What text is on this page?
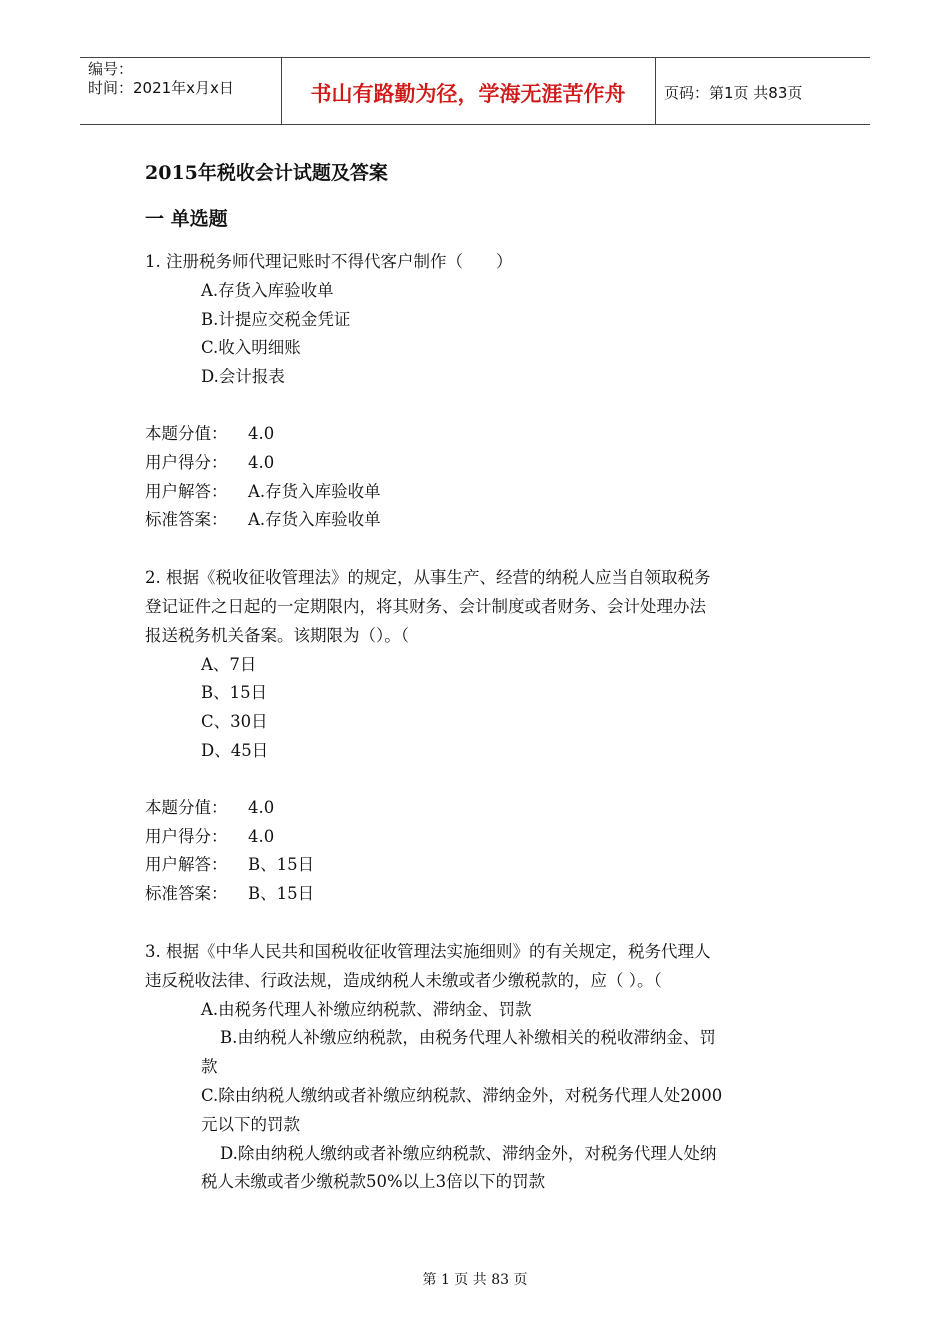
编号：
时间：2021年x月x日	书山有路勤为径，学海无涯苦作舟	页码：第1页 共83页
2015年税收会计试题及答案
一 单选题
1. 注册税务师代理记账时不得代客户制作（　　）
A.存货入库验收单
B.计提应交税金凭证
C.收入明细账
D.会计报表
本题分值：	4.0
用户得分：	4.0
用户解答：	A.存货入库验收单
标准答案：	A.存货入库验收单
2. 根据《税收征收管理法》的规定，从事生产、经营的纳税人应当自领取税务
登记证件之日起的一定期限内，将其财务、会计制度或者财务、会计处理办法
报送税务机关备案。该期限为（）。（
A、7日
B、15日
C、30日
D、45日
本题分值：	4.0
用户得分：	4.0
用户解答：	B、15日
标准答案：	B、15日
3. 根据《中华人民共和国税收征收管理法实施细则》的有关规定，税务代理人
违反税收法律、行政法规，造成纳税人未缴或者少缴税款的，应（ ）。（
A.由税务代理人补缴应纳税款、滞纳金、罚款
B.由纳税人补缴应纳税款，由税务代理人补缴相关的税收滞纳金、罚
款
C.除由纳税人缴纳或者补缴应纳税款、滞纳金外，对税务代理人处2000
元以下的罚款
D.除由纳税人缴纳或者补缴应纳税款、滞纳金外，对税务代理人处纳
税人未缴或者少缴税款50%以上3倍以下的罚款
第 1 页 共 83 页
